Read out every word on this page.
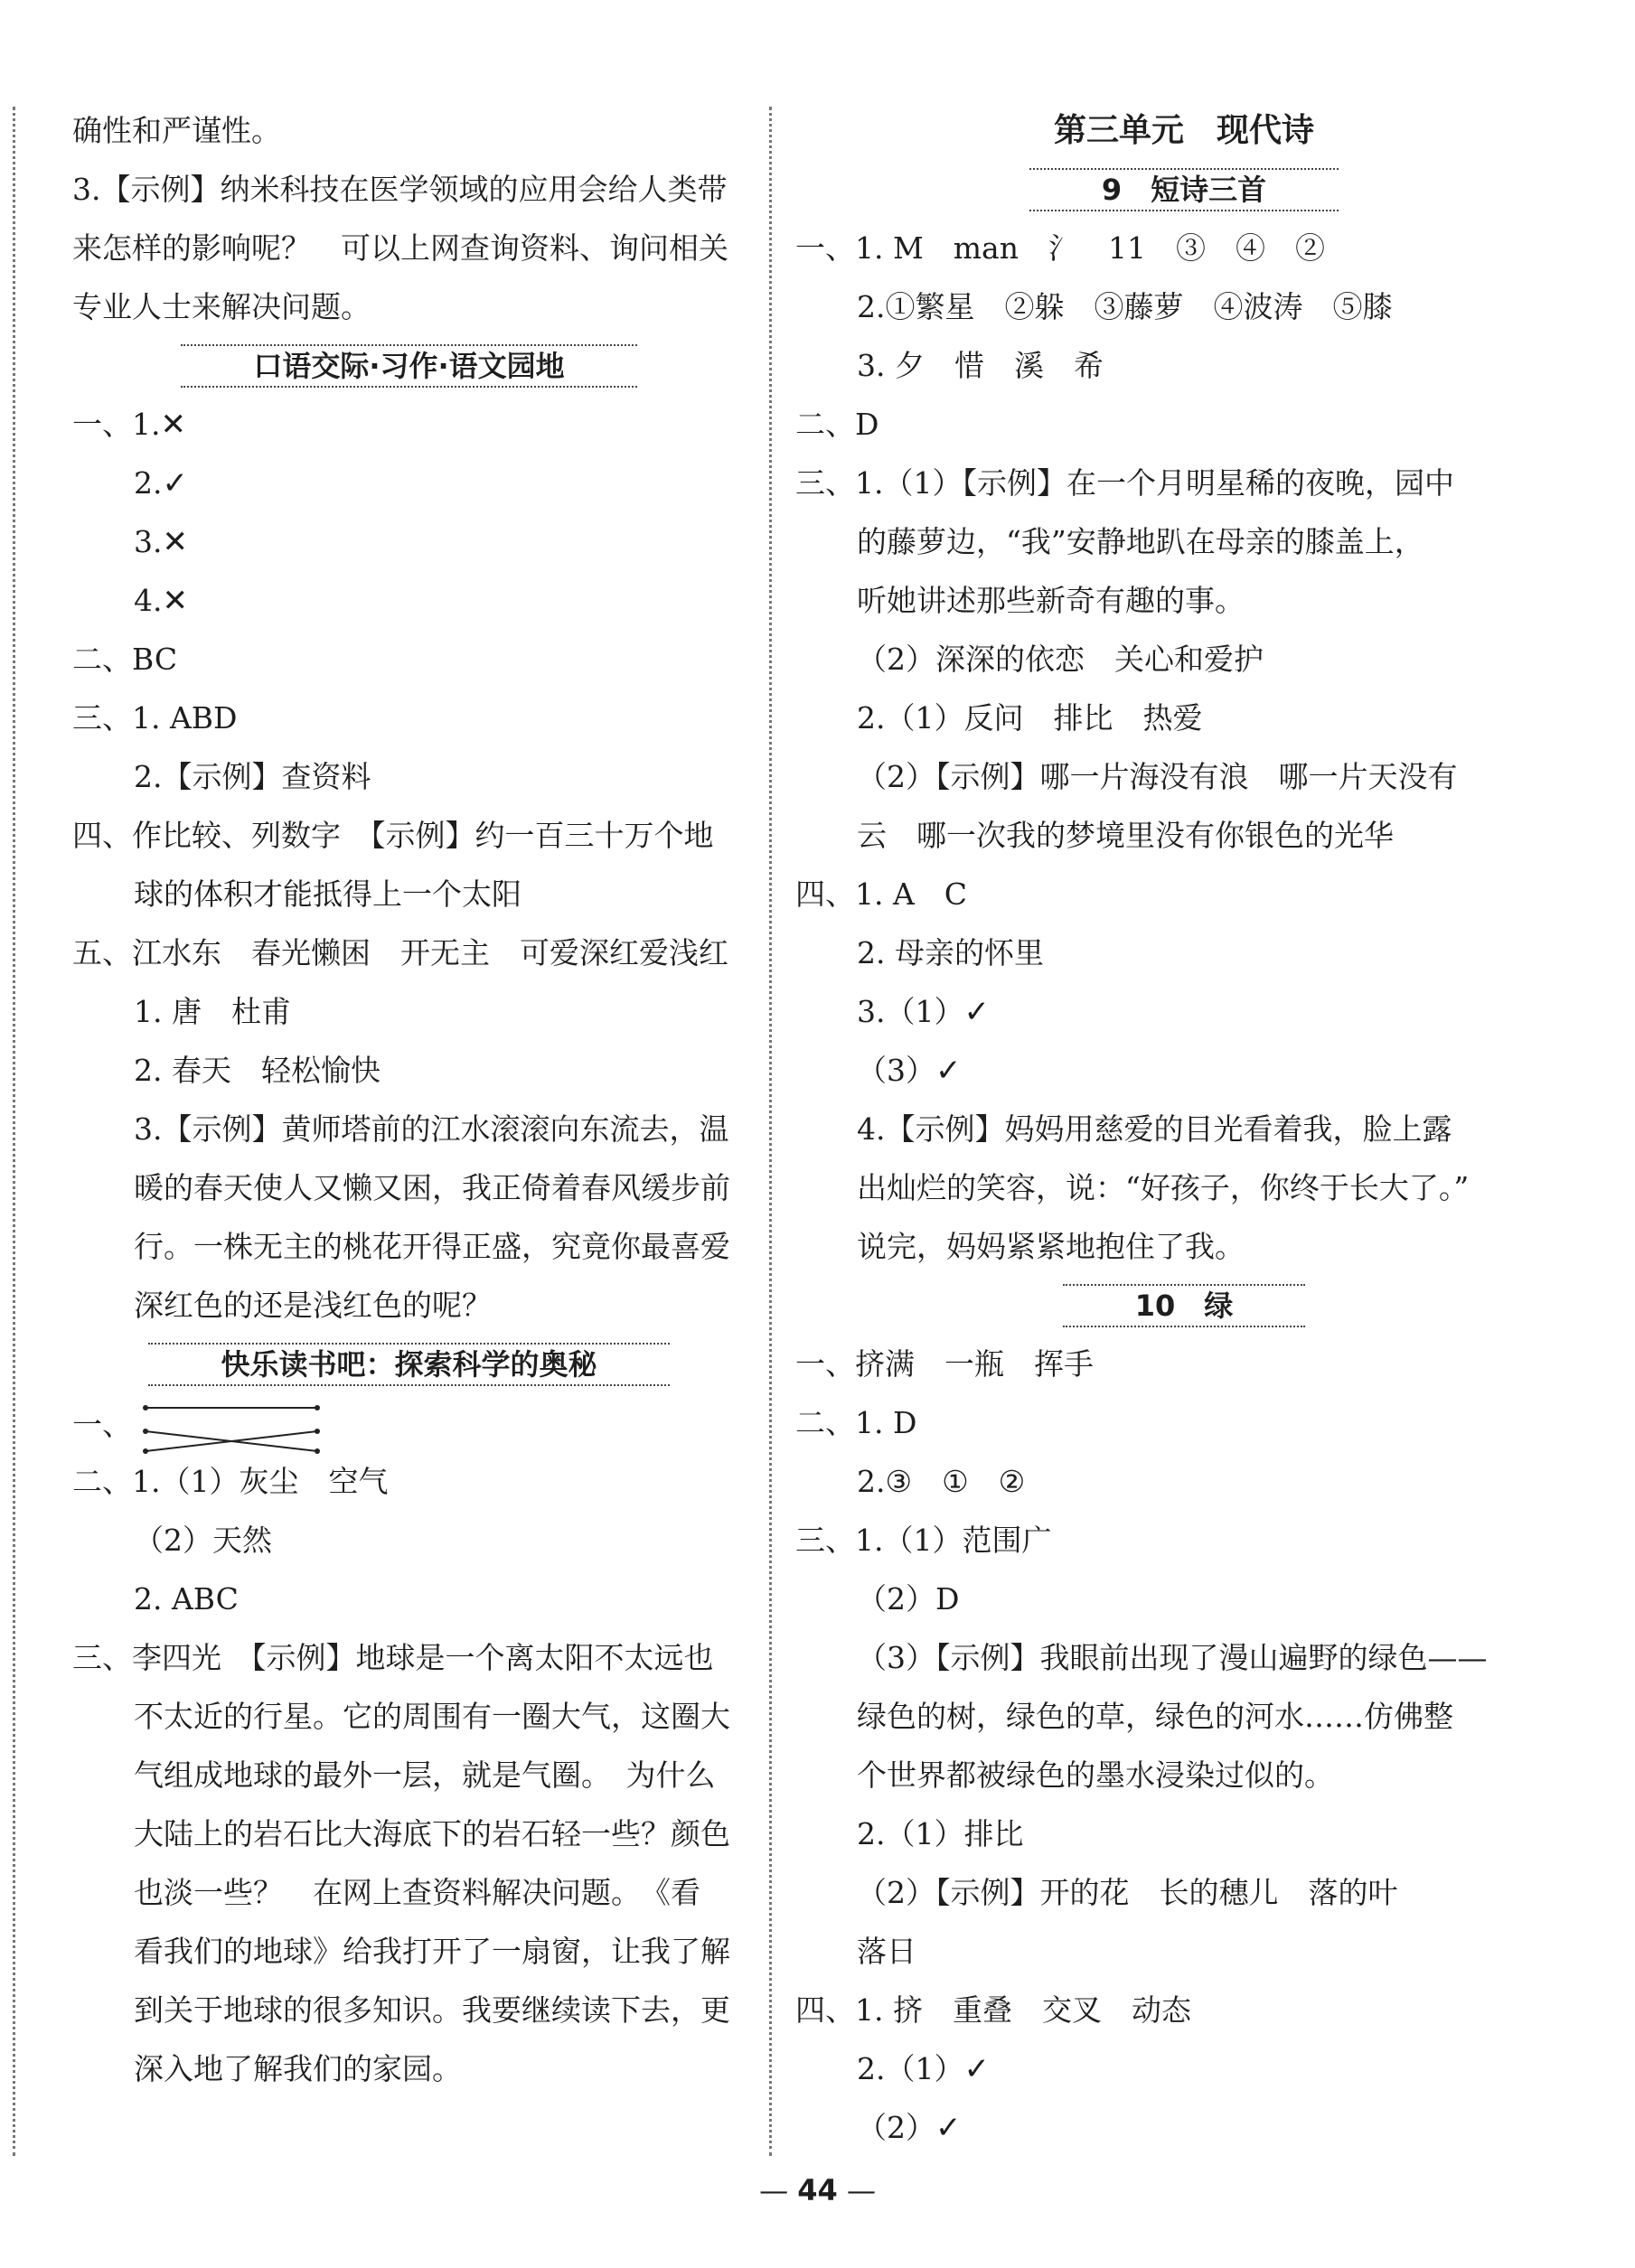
确性和严谨性。
3.【示例】纳米科技在医学领域的应用会给人类带
来怎样的影响呢？　可以上网查询资料、询问相关
专业人士来解决问题。
口语交际·习作·语文园地
一、1.✕
2.✓
3.✕
4.✕
二、BC
三、1. ABD
2.【示例】查资料
四、作比较、列数字　【示例】约一百三十万个地
球的体积才能抵得上一个太阳
五、江水东　春光懒困　开无主　可爱深红爱浅红
1. 唐　杜甫
2. 春天　轻松愉快
3.【示例】黄师塔前的江水滚滚向东流去，温
暖的春天使人又懒又困，我正倚着春风缓步前
行。一株无主的桃花开得正盛，究竟你最喜爱
深红色的还是浅红色的呢？
快乐读书吧：探索科学的奥秘
一、
二、1.（1）灰尘　空气
（2）天然
2. ABC
三、李四光　【示例】地球是一个离太阳不太远也
不太近的行星。它的周围有一圈大气，这圈大
气组成地球的最外一层，就是气圈。　为什么
大陆上的岩石比大海底下的岩石轻一些？颜色
也淡一些？　在网上查资料解决问题。　《看
看我们的地球》给我打开了一扇窗，让我了解
到关于地球的很多知识。我要继续读下去，更
深入地了解我们的家园。
第三单元　现代诗
9　短诗三首
一、1. M　man　氵　11　③　④　②
2.①繁星　②躲　③藤萝　④波涛　⑤膝
3. 夕　惜　溪　希
二、D
三、1.（1）【示例】在一个月明星稀的夜晚，园中
的藤萝边，“我”安静地趴在母亲的膝盖上，
听她讲述那些新奇有趣的事。
（2）深深的依恋　关心和爱护
2.（1）反问　排比　热爱
（2）【示例】哪一片海没有浪　哪一片天没有
云　哪一次我的梦境里没有你银色的光华
四、1. A　C
2. 母亲的怀里
3.（1）✓
（3）✓
4.【示例】妈妈用慈爱的目光看着我，脸上露
出灿烂的笑容，说：“好孩子，你终于长大了。”
说完，妈妈紧紧地抱住了我。
10　绿
一、挤满　一瓶　挥手
二、1. D
2.③　①　②
三、1.（1）范围广
（2）D
（3）【示例】我眼前出现了漫山遍野的绿色——
绿色的树，绿色的草，绿色的河水……仿佛整
个世界都被绿色的墨水浸染过似的。
2.（1）排比
（2）【示例】开的花　长的穗儿　落的叶
落日
四、1. 挤　重叠　交叉　动态
2.（1）✓
（2）✓
— 44 —
